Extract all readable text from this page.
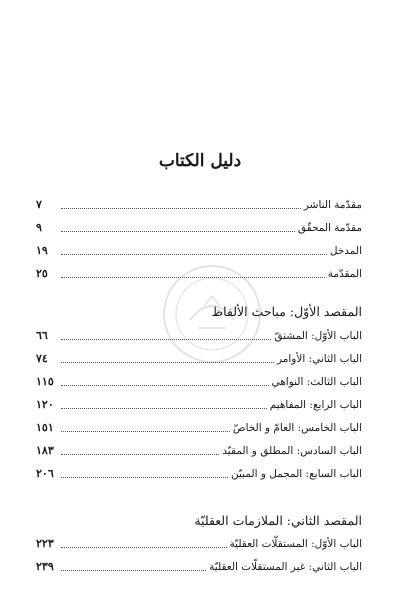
دليل الكتاب
مقدّمة الناشر
٧
مقدّمة المحقّق
٩
المدخل
١٩
المقدّمة
٢٥
المقصد الأوّل: مباحث الألفاظ
الباب الأوّل: المشتقّ
٦٦
الباب الثاني: الأوامر
٧٤
الباب الثالث: النواهي
١١٥
الباب الرابع: المفاهيم
١٢٠
الباب الخامس: العامّ و الخاصّ
١٥١
الباب السادس: المطلق و المقيّد
١٨٣
الباب السابع: المجمل و المبيّن
٢٠٦
المقصد الثاني: الملازمات العقليّة
الباب الأوّل: المستقلّات العقليّة
٢٢٣
الباب الثاني: غير المستقلّات العقليّة
٢٣٩
